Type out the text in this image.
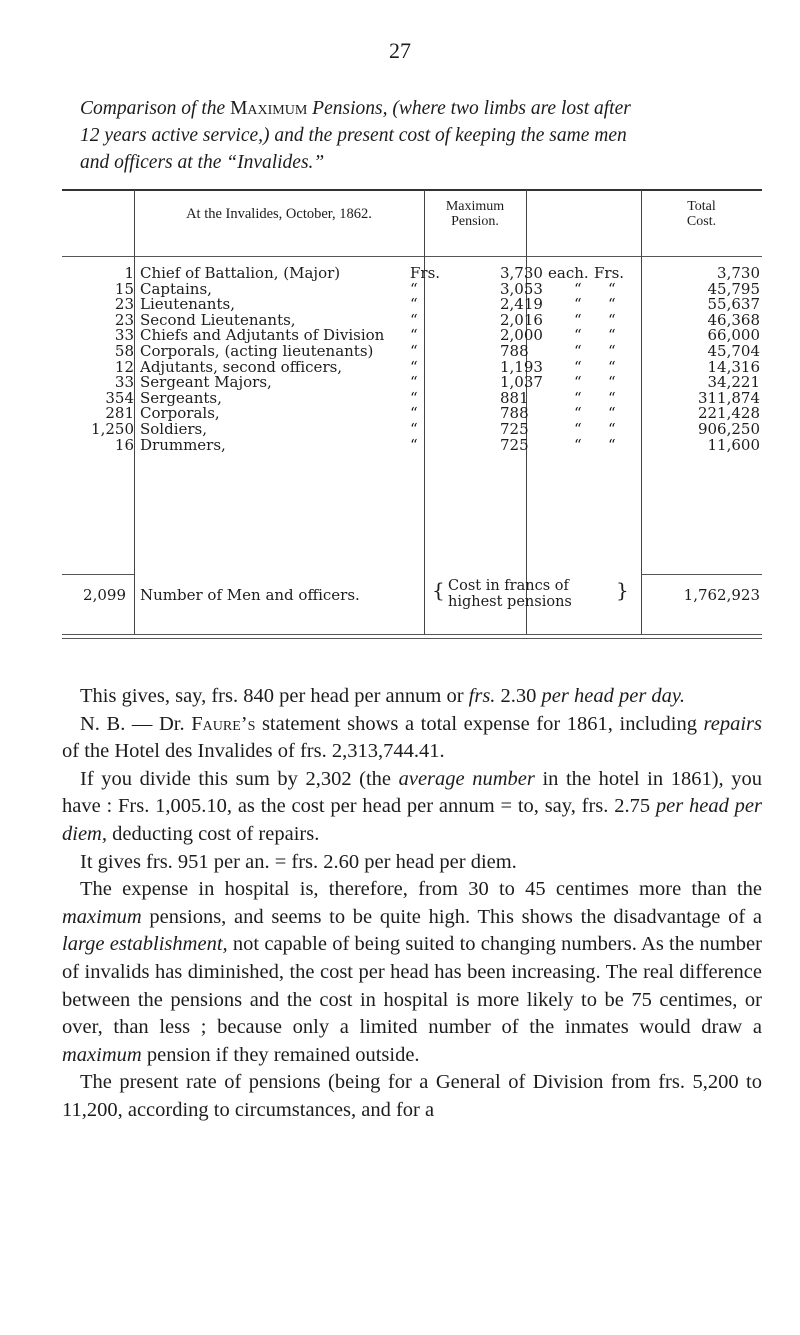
27
Comparison of the Maximum Pensions, (where two limbs are lost after
12 years active service,) and the present cost of keeping the same men
and officers at the “Invalides.”
At the Invalides, October, 1862.	Maximum
Pension.
Total
Cost.
1 Chief of Battalion, (Major)	Frs.	3,730 each. Frs.	3,730
15 Captains,	“	3,053 “ “	45,795
23 Lieutenants,	“	2,419 “ “	55,637
23 Second Lieutenants,	“	2,016 “ “	46,368
33 Chiefs and Adjutants of Division “	2,000 “ “	66,000
58 Corporals, (acting lieutenants) “	788	“ “	45,704
12 Adjutants, second officers,	“	1,193 “ “	14,316
33 Sergeant Majors,	“	1,037 “ “	34,221
354 Sergeants,	“	881	“ “	311,874
281 Corporals,	“	788	“ “	221,428
1,250 Soldiers,	“	725	“ “	906,250
16 Drummers,	“	725	“ “	11,600
2,099 Number of Men and officers.	{ Cost in francs of
highest pensions }	1,762,923

This gives, say, frs. 840 per head per annum or frs. 2.30 per head per day.

N. B. — Dr. Faure’s statement shows a total expense for 1861, including repairs of the Hotel des Invalides of frs. 2,313,744.41.

If you divide this sum by 2,302 (the average number in the hotel in 1861), you have : Frs. 1,005.10, as the cost per head per annum = to, say, frs. 2.75 per head per diem, deducting cost of repairs.

It gives frs. 951 per an. = frs. 2.60 per head per diem.

The expense in hospital is, therefore, from 30 to 45 centimes more than the maximum pensions, and seems to be quite high. This shows the disadvantage of a large establishment, not capable of being suited to changing numbers. As the number of invalids has diminished, the cost per head has been increasing. The real difference between the pensions and the cost in hospital is more likely to be 75 centimes, or over, than less ; because only a limited number of the inmates would draw a maximum pension if they remained outside.

The present rate of pensions (being for a General of Division from frs. 5,200 to 11,200, according to circumstances, and for a
